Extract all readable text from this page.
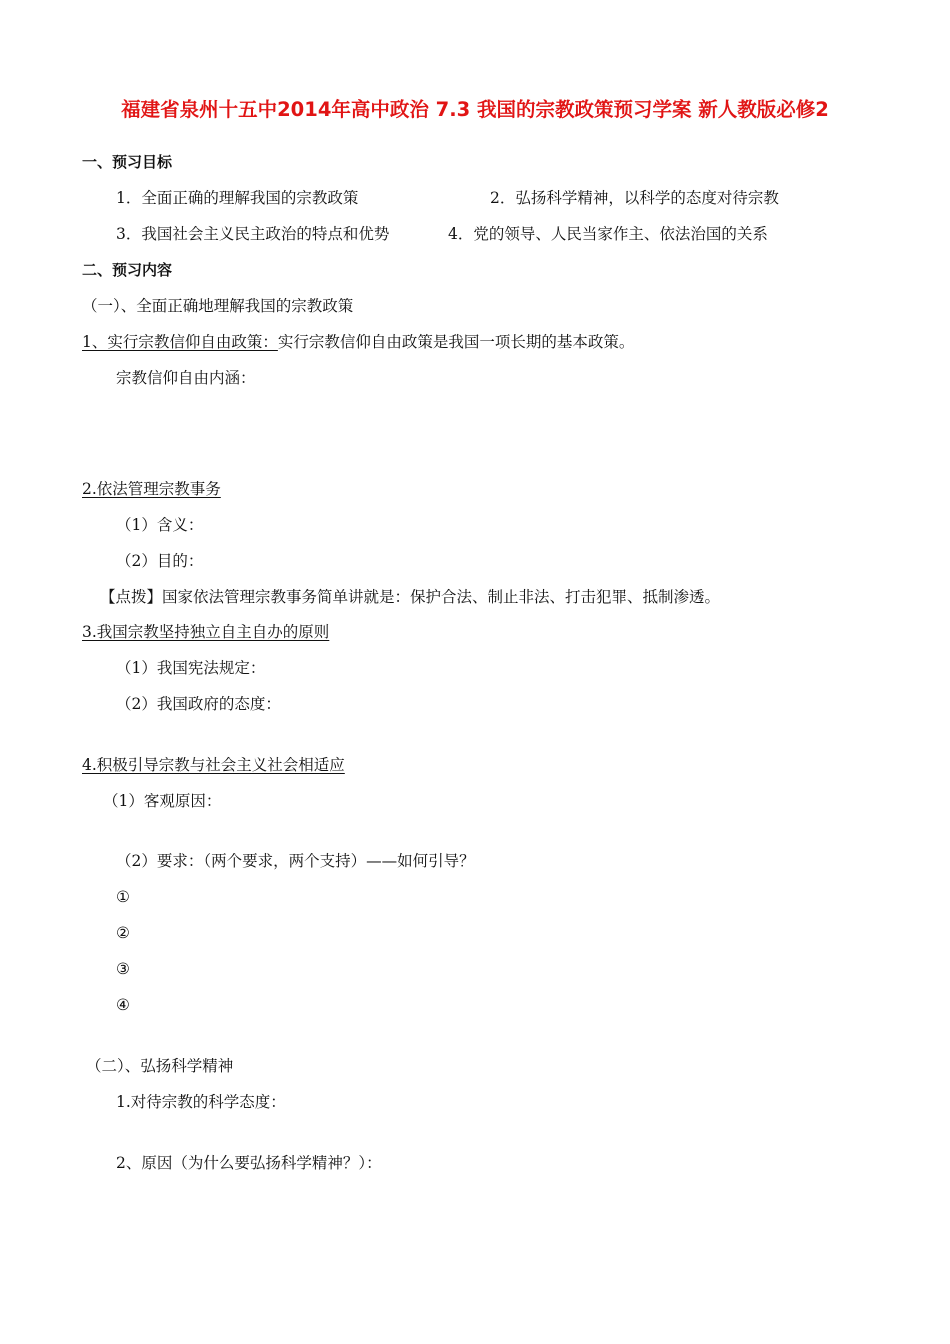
福建省泉州十五中2014年高中政治 7.3 我国的宗教政策预习学案 新人教版必修2
一、预习目标
1．全面正确的理解我国的宗教政策	2．弘扬科学精神，以科学的态度对待宗教
3．我国社会主义民主政治的特点和优势	4．党的领导、人民当家作主、依法治国的关系
二、预习内容
（一）、全面正确地理解我国的宗教政策
1、实行宗教信仰自由政策：实行宗教信仰自由政策是我国一项长期的基本政策。
宗教信仰自由内涵：
2.依法管理宗教事务
（1）含义：
（2）目的：
【点拨】国家依法管理宗教事务简单讲就是：保护合法、制止非法、打击犯罪、抵制渗透。
3.我国宗教坚持独立自主自办的原则
（1）我国宪法规定：
（2）我国政府的态度：
4.积极引导宗教与社会主义社会相适应
（1）客观原因：
（2）要求：（两个要求，两个支持）——如何引导？
①
②
③
④
（二）、弘扬科学精神
1.对待宗教的科学态度：
2、原因（为什么要弘扬科学精神？）：
